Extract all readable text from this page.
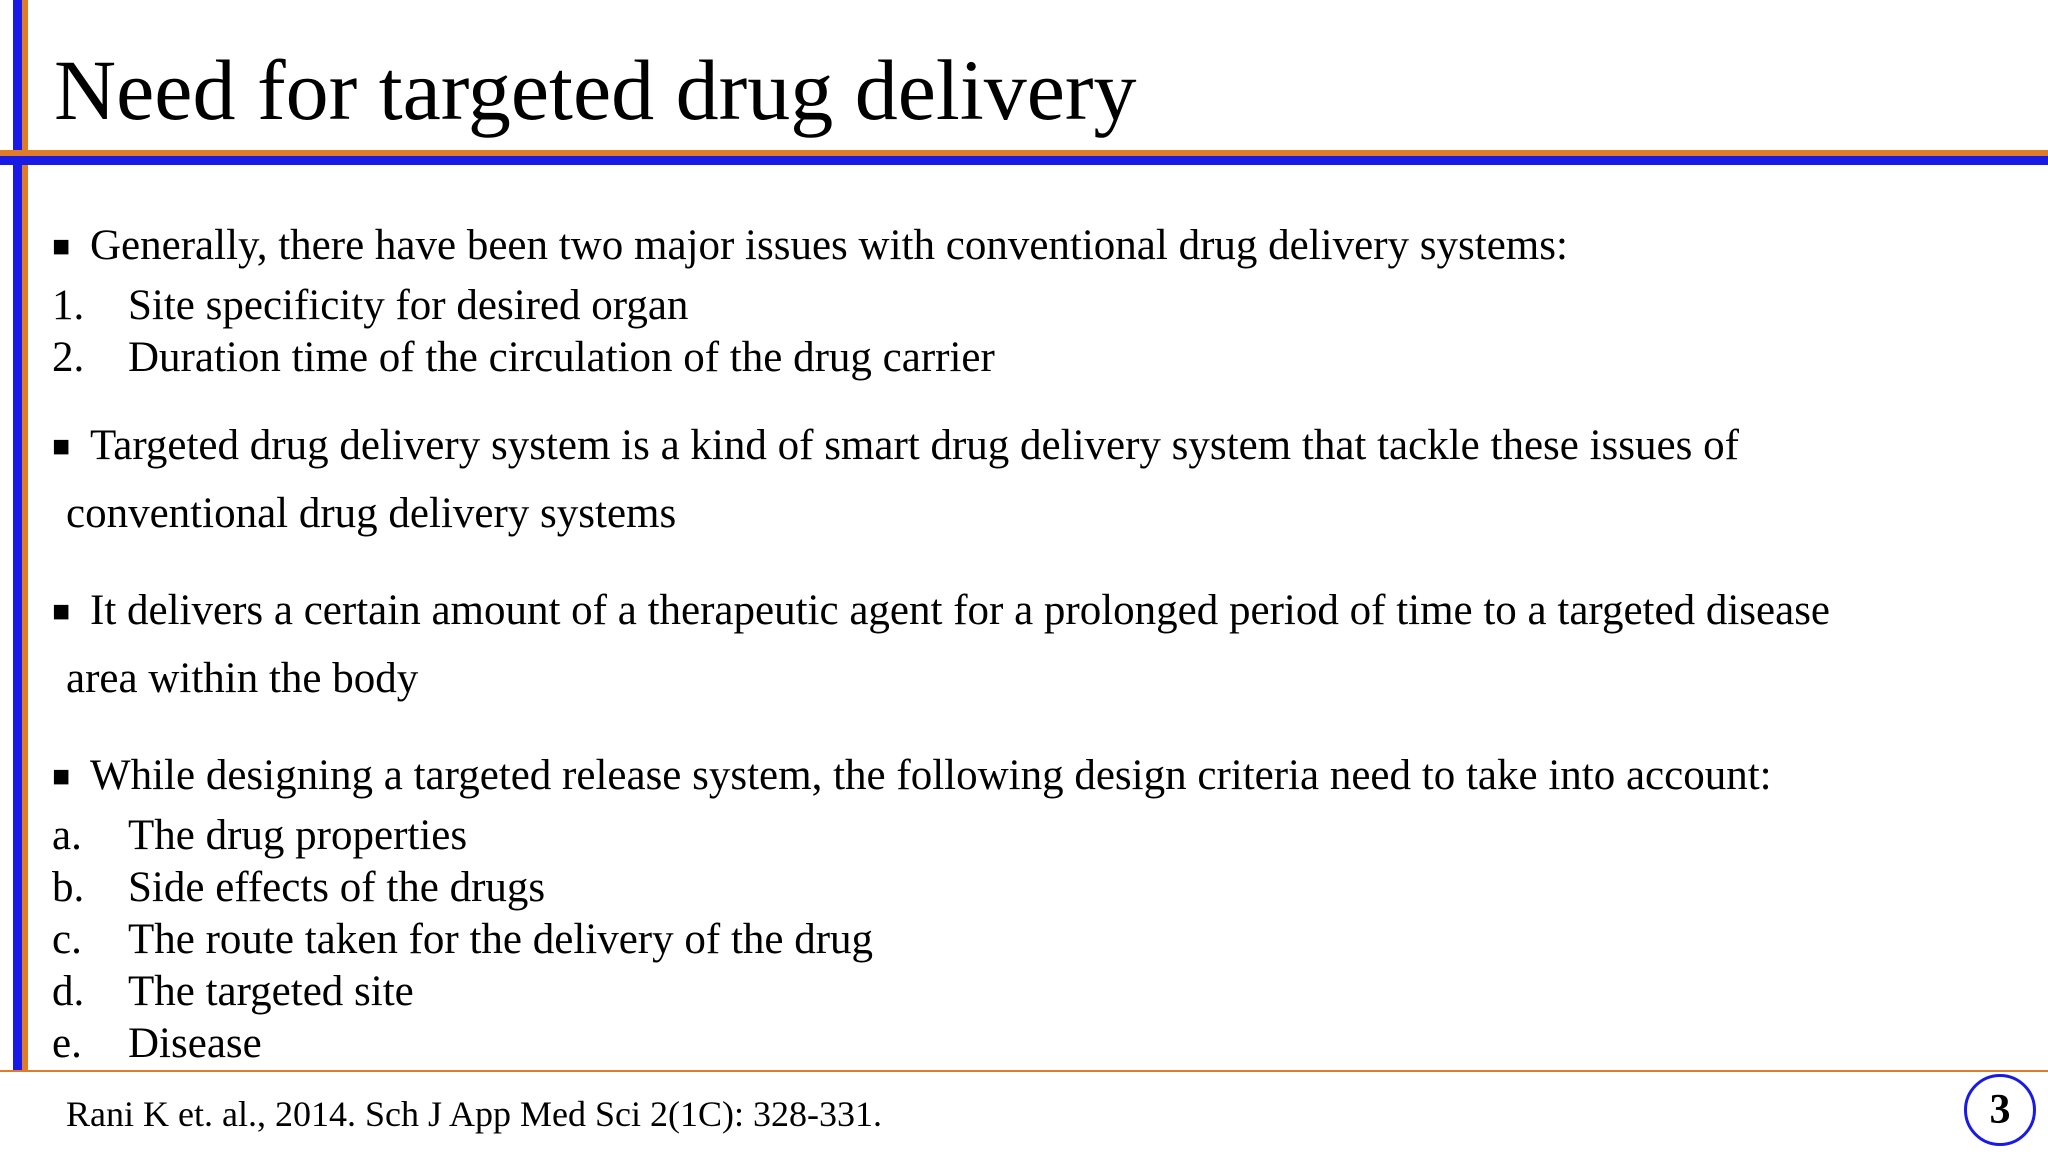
Need for targeted drug delivery

■ Generally, there have been two major issues with conventional drug delivery systems:

1. Site specificity for desired organ
2. Duration time of the circulation of the drug carrier

■ Targeted drug delivery system is a kind of smart drug delivery system that tackle these issues of
conventional drug delivery systems

■ It delivers a certain amount of a therapeutic agent for a prolonged period of time to a targeted disease
area within the body

■ While designing a targeted release system, the following design criteria need to take into account:

a. The drug properties
b. Side effects of the drugs
c. The route taken for the delivery of the drug
d. The targeted site
e. Disease
Rani K et. al., 2014. Sch J App Med Sci 2(1C): 328-331.	3
